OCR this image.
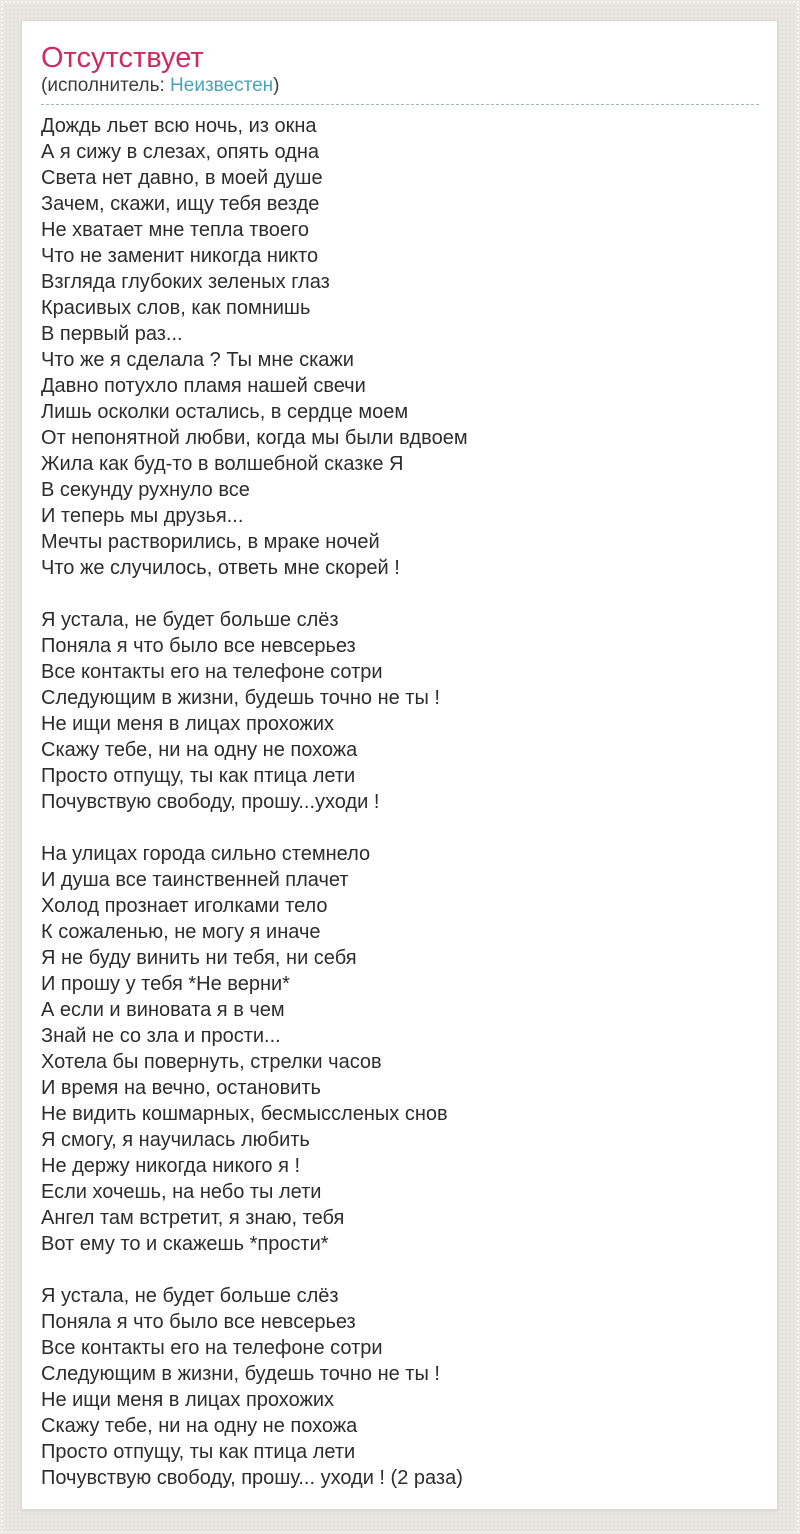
Отсутствует
(исполнитель: Неизвестен)
Дождь льет всю ночь, из окна
А я сижу в слезах, опять одна
Света нет давно, в моей душе
Зачем, скажи, ищу тебя везде
Не хватает мне тепла твоего
Что не заменит никогда никто
Взгляда глубоких зеленых глаз
Красивых слов, как помнишь
В первый раз...
Что же я сделала ? Ты мне скажи
Давно потухло пламя нашей свечи
Лишь осколки остались, в сердце моем
От непонятной любви, когда мы были вдвоем
Жила как буд-то в волшебной сказке Я
В секунду рухнуло все
И теперь мы друзья...
Мечты растворились, в мраке ночей
Что же случилось, ответь мне скорей !
Я устала, не будет больше слёз
Поняла я что было все невсерьез
Все контакты его на телефоне сотри
Следующим в жизни, будешь точно не ты !
Не ищи меня в лицах прохожих
Скажу тебе, ни на одну не похожа
Просто отпущу, ты как птица лети
Почувствую свободу, прошу...уходи !
На улицах города сильно стемнело
И душа все таинственней плачет
Холод прознает иголками тело
К сожаленью, не могу я иначе
Я не буду винить ни тебя, ни себя
И прошу у тебя *Не верни*
А если и виновата я в чем
Знай не со зла и прости...
Хотела бы повернуть, стрелки часов
И время на вечно, остановить
Не видить кошмарных, бесмыссленых снов
Я смогу, я научилась любить
Не держу никогда никого я !
Если хочешь, на небо ты лети
Ангел там встретит, я знаю, тебя
Вот ему то и скажешь *прости*
Я устала, не будет больше слёз
Поняла я что было все невсерьез
Все контакты его на телефоне сотри
Следующим в жизни, будешь точно не ты !
Не ищи меня в лицах прохожих
Скажу тебе, ни на одну не похожа
Просто отпущу, ты как птица лети
Почувствую свободу, прошу... уходи ! (2 раза)
